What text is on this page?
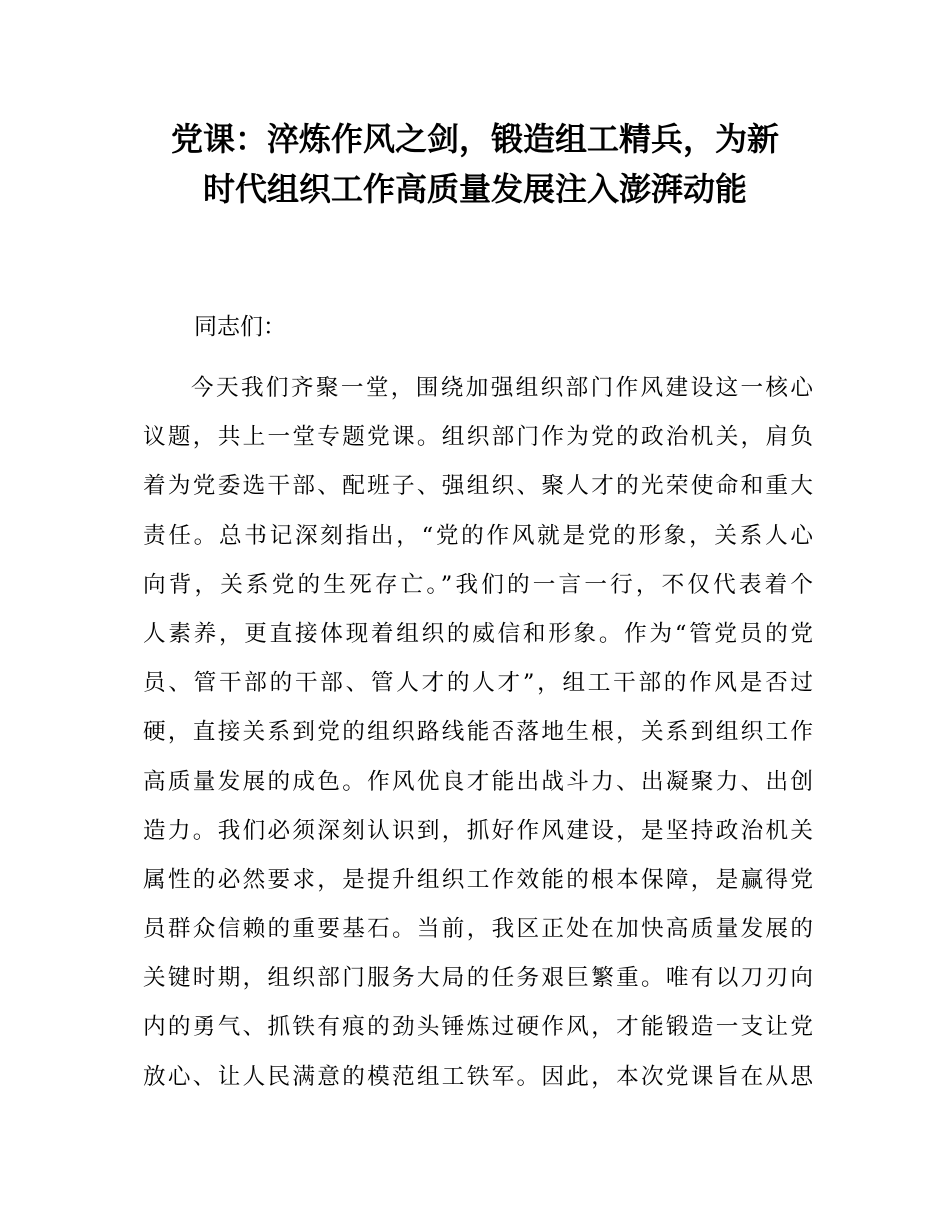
党课：淬炼作风之剑，锻造组工精兵，为新
时代组织工作高质量发展注入澎湃动能

同志们：

今天我们齐聚一堂，围绕加强组织部门作风建设这一核心
议题，共上一堂专题党课。组织部门作为党的政治机关，肩负
着为党委选干部、配班子、强组织、聚人才的光荣使命和重大
责任。总书记深刻指出，“党的作风就是党的形象，关系人心
向背，关系党的生死存亡。”我们的一言一行，不仅代表着个
人素养，更直接体现着组织的威信和形象。作为“管党员的党
员、管干部的干部、管人才的人才”，组工干部的作风是否过
硬，直接关系到党的组织路线能否落地生根，关系到组织工作
高质量发展的成色。作风优良才能出战斗力、出凝聚力、出创
造力。我们必须深刻认识到，抓好作风建设，是坚持政治机关
属性的必然要求，是提升组织工作效能的根本保障，是赢得党
员群众信赖的重要基石。当前，我区正处在加快高质量发展的
关键时期，组织部门服务大局的任务艰巨繁重。唯有以刀刃向
内的勇气、抓铁有痕的劲头锤炼过硬作风，才能锻造一支让党
放心、让人民满意的模范组工铁军。因此，本次党课旨在从思
